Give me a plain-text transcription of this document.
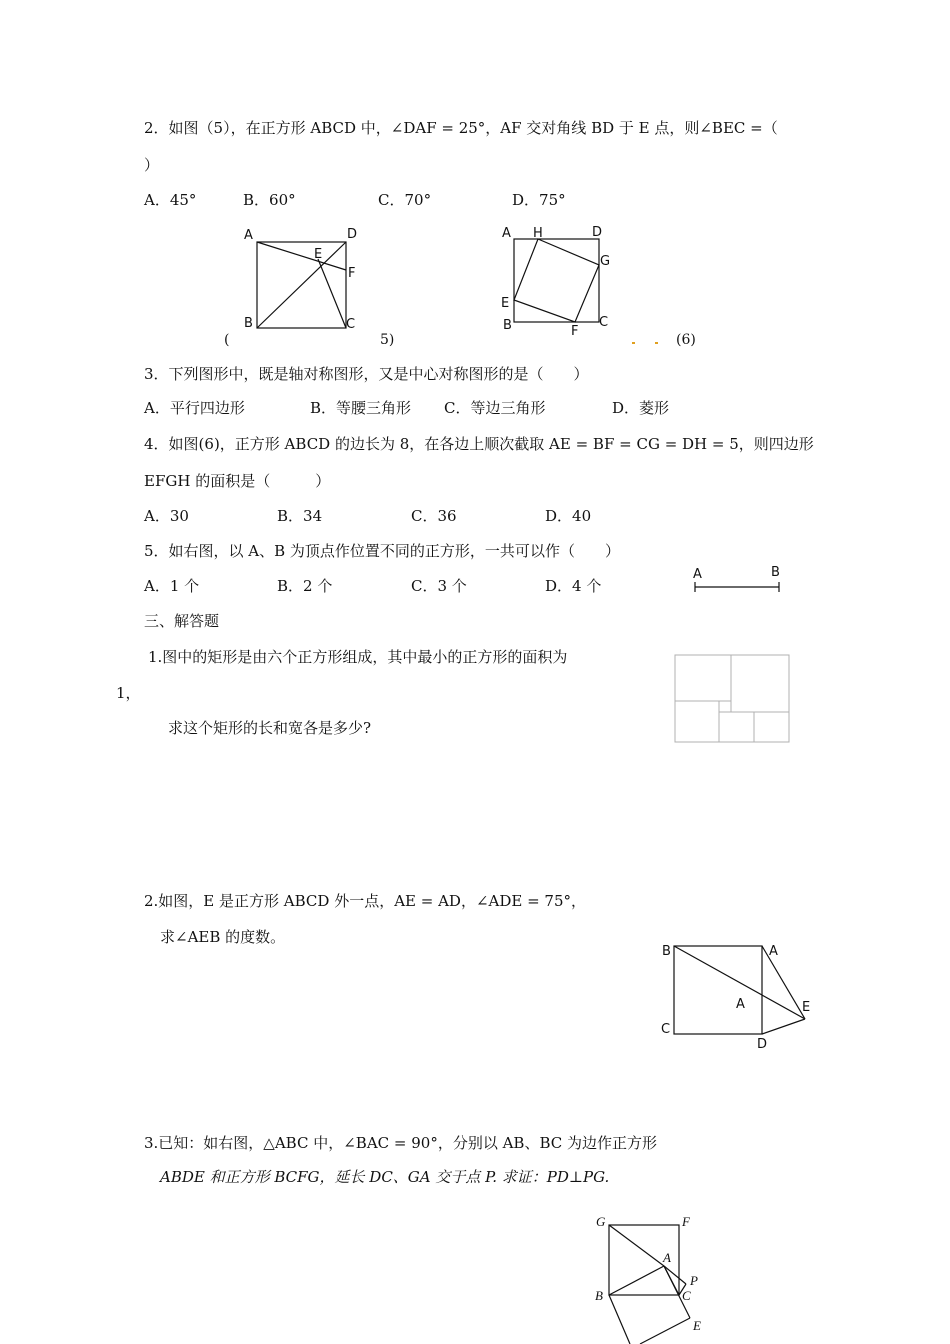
2．如图（5），在正方形 ABCD 中，∠DAF = 25°，AF 交对角线 BD 于 E 点，则∠BEC =（
）
A．45°	B．60°	C．70°	D．75°
A	D
E
F
B	C
(	5)
A H	D
G
E
B	F
C
(6)
3．下列图形中，既是轴对称图形，又是中心对称图形的是（　　）
A．平行四边形	B．等腰三角形 C．等边三角形	D．菱形
4．如图(6)，正方形 ABCD 的边长为 8，在各边上顺次截取 AE = BF = CG = DH = 5，则四边形
EFGH 的面积是（　　　）
A．30	B．34	C．36	D．40
5．如右图，以 A、B 为顶点作位置不同的正方形，一共可以作（　　）
A．1 个	B．2 个	C．3 个	D．4 个
A	B
三、解答题
1.图中的矩形是由六个正方形组成，其中最小的正方形的面积为
1，
求这个矩形的长和宽各是多少?
2.如图，E 是正方形 ABCD 外一点，AE = AD，∠ADE = 75°，
求∠AEB 的度数。
B	A
A	E
C
D
3.已知：如右图，△ABC 中，∠BAC = 90°，分别以 AB、BC 为边作正方形
ABDE 和正方形 BCFG，延长 DC、GA 交于点 P. 求证：PD⊥PG.
G	F
A
P
B	C
E
